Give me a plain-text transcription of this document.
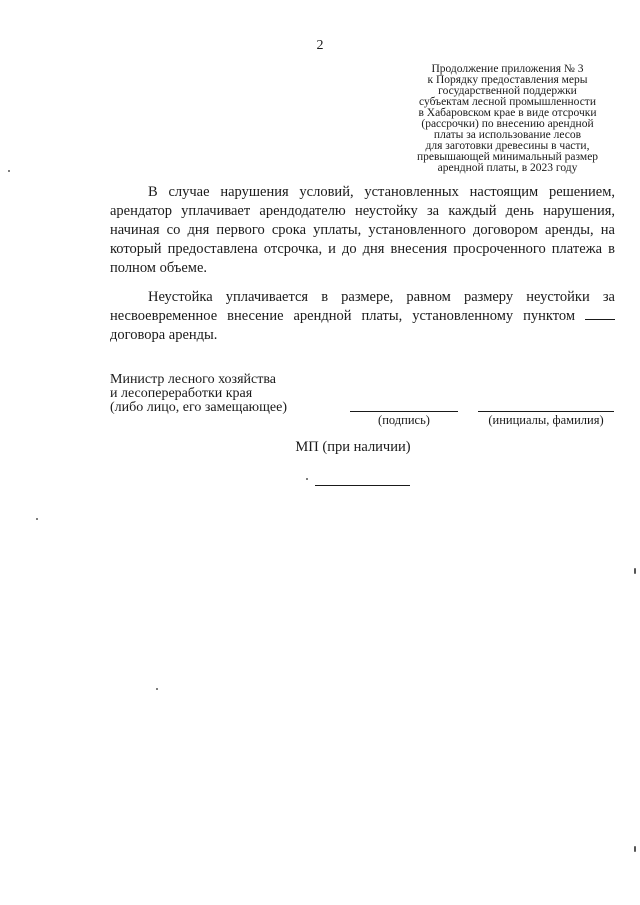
2
Продолжение приложения № 3
к Порядку предоставления меры
государственной поддержки
субъектам лесной промышленности
в Хабаровском крае в виде отсрочки
(рассрочки) по внесению арендной
платы за использование лесов
для заготовки древесины в части,
превышающей минимальный размер
арендной платы, в 2023 году

В случае нарушения условий, установленных настоящим решением, арендатор уплачивает арендодателю неустойку за каждый день нарушения, начиная со дня первого срока уплаты, установленного договором аренды, на который предоставлена отсрочка, и до дня внесения просроченного платежа в полном объеме.

Неустойка уплачивается в размере, равном размеру неустойки за несвоевременное внесение арендной платы, установленному пунктом  договора аренды.

Министр лесного хозяйства
и лесопереработки края
(либо лицо, его замещающее)
(подпись)	(инициалы, фамилия)
МП (при наличии)
